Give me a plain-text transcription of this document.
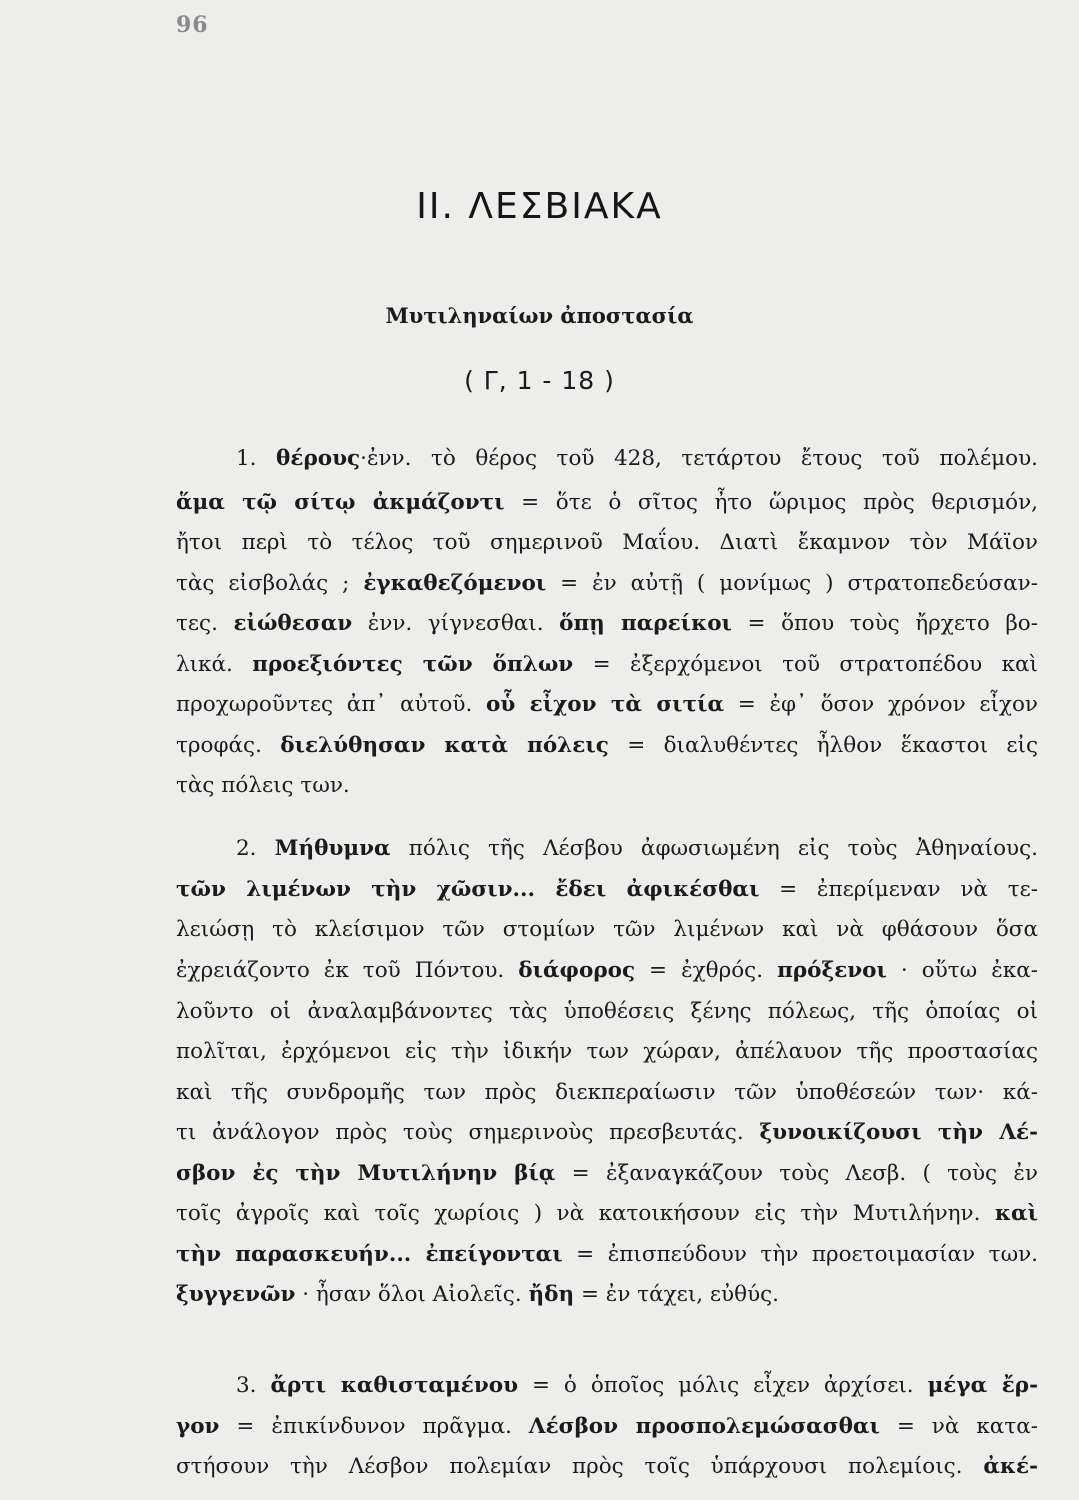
96
II. ΛΕΣΒΙΑΚΑ
Μυτιληναίων ἀποστασία
( Γ, 1 - 18 )
1. θέρους·ἐνν. τὸ θέρος τοῦ 428, τετάρτου ἔτους τοῦ πολέμου.
ἅμα τῷ σίτῳ ἀκμάζοντι = ὅτε ὁ σῖτος ἦτο ὥριμος πρὸς θερισμόν,
ἤτοι περὶ τὸ τέλος τοῦ σημερινοῦ Μαΐου. Διατὶ ἔκαμνον τὸν Μάϊον
τὰς εἰσβολάς ; ἐγκαθεζόμενοι = ἐν αὐτῇ ( μονίμως ) στρατοπεδεύσαν-
τες. εἰώθεσαν ἐνν. γίγνεσθαι. ὅπῃ παρείκοι = ὅπου τοὺς ἤρχετο βο-
λικά. προεξιόντες τῶν ὅπλων = ἐξερχόμενοι τοῦ στρατοπέδου καὶ
προχωροῦντες ἀπ᾽ αὐτοῦ. οὗ εἶχον τὰ σιτία = ἐφ᾽ ὅσον χρόνον εἶχον
τροφάς. διελύθησαν κατὰ πόλεις = διαλυθέντες ἦλθον ἕκαστοι εἰς
τὰς πόλεις των.
2. Μήθυμνα πόλις τῆς Λέσβου ἀφωσιωμένη εἰς τοὺς Ἀθηναίους.
τῶν λιμένων τὴν χῶσιν... ἔδει ἀφικέσθαι = ἐπερίμεναν νὰ τε-
λειώσῃ τὸ κλείσιμον τῶν στομίων τῶν λιμένων καὶ νὰ φθάσουν ὅσα
ἐχρειάζοντο ἐκ τοῦ Πόντου. διάφορος = ἐχθρός. πρόξενοι · οὕτω ἐκα-
λοῦντο οἱ ἀναλαμβάνοντες τὰς ὑποθέσεις ξένης πόλεως, τῆς ὁποίας οἱ
πολῖται, ἐρχόμενοι εἰς τὴν ἰδικήν των χώραν, ἀπέλαυον τῆς προστασίας
καὶ τῆς συνδρομῆς των πρὸς διεκπεραίωσιν τῶν ὑποθέσεών των· κά-
τι ἀνάλογον πρὸς τοὺς σημερινοὺς πρεσβευτάς. ξυνοικίζουσι τὴν Λέ-
σβον ἐς τὴν Μυτιλήνην βίᾳ = ἐξαναγκάζουν τοὺς Λεσβ. ( τοὺς ἐν
τοῖς ἀγροῖς καὶ τοῖς χωρίοις ) νὰ κατοικήσουν εἰς τὴν Μυτιλήνην. καὶ
τὴν παρασκευήν... ἐπείγονται = ἐπισπεύδουν τὴν προετοιμασίαν των.
ξυγγενῶν · ἦσαν ὅλοι Αἰολεῖς. ἤδη = ἐν τάχει, εὐθύς.
3. ἄρτι καθισταμένου = ὁ ὁποῖος μόλις εἶχεν ἀρχίσει. μέγα ἔρ-
γον = ἐπικίνδυνον πρᾶγμα. Λέσβον προσπολεμώσασθαι = νὰ κατα-
στήσουν τὴν Λέσβον πολεμίαν πρὸς τοῖς ὑπάρχουσι πολεμίοις. ἀκέ-
